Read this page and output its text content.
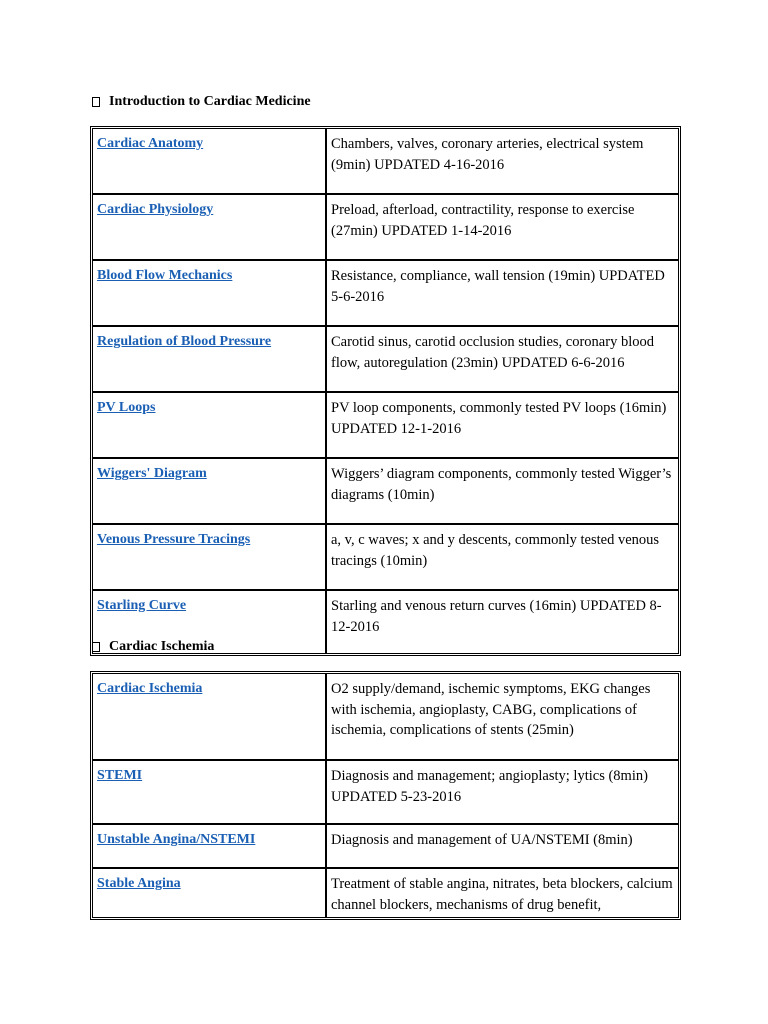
Introduction to Cardiac Medicine
Cardiac Anatomy	Chambers, valves, coronary arteries, electrical system (9min) UPDATED 4-16-2016
Cardiac Physiology	Preload, afterload, contractility, response to exercise (27min) UPDATED 1-14-2016
Blood Flow Mechanics	Resistance, compliance, wall tension (19min) UPDATED 5-6-2016
Regulation of Blood Pressure	Carotid sinus, carotid occlusion studies, coronary blood flow, autoregulation (23min) UPDATED 6-6-2016
PV Loops	PV loop components, commonly tested PV loops (16min) UPDATED 12-1-2016
Wiggers' Diagram	Wiggers’ diagram components, commonly tested Wigger’s diagrams (10min)
Venous Pressure Tracings	a, v, c waves; x and y descents, commonly tested venous tracings (10min)
Starling Curve	Starling and venous return curves (16min) UPDATED 8-12-2016
Cardiac Ischemia
Cardiac Ischemia	O2 supply/demand, ischemic symptoms, EKG changes with ischemia, angioplasty, CABG, complications of ischemia, complications of stents (25min)
STEMI	Diagnosis and management; angioplasty; lytics (8min) UPDATED 5-23-2016
Unstable Angina/NSTEMI	Diagnosis and management of UA/NSTEMI (8min)
Stable Angina	Treatment of stable angina, nitrates, beta blockers, calcium channel blockers, mechanisms of drug benefit,
